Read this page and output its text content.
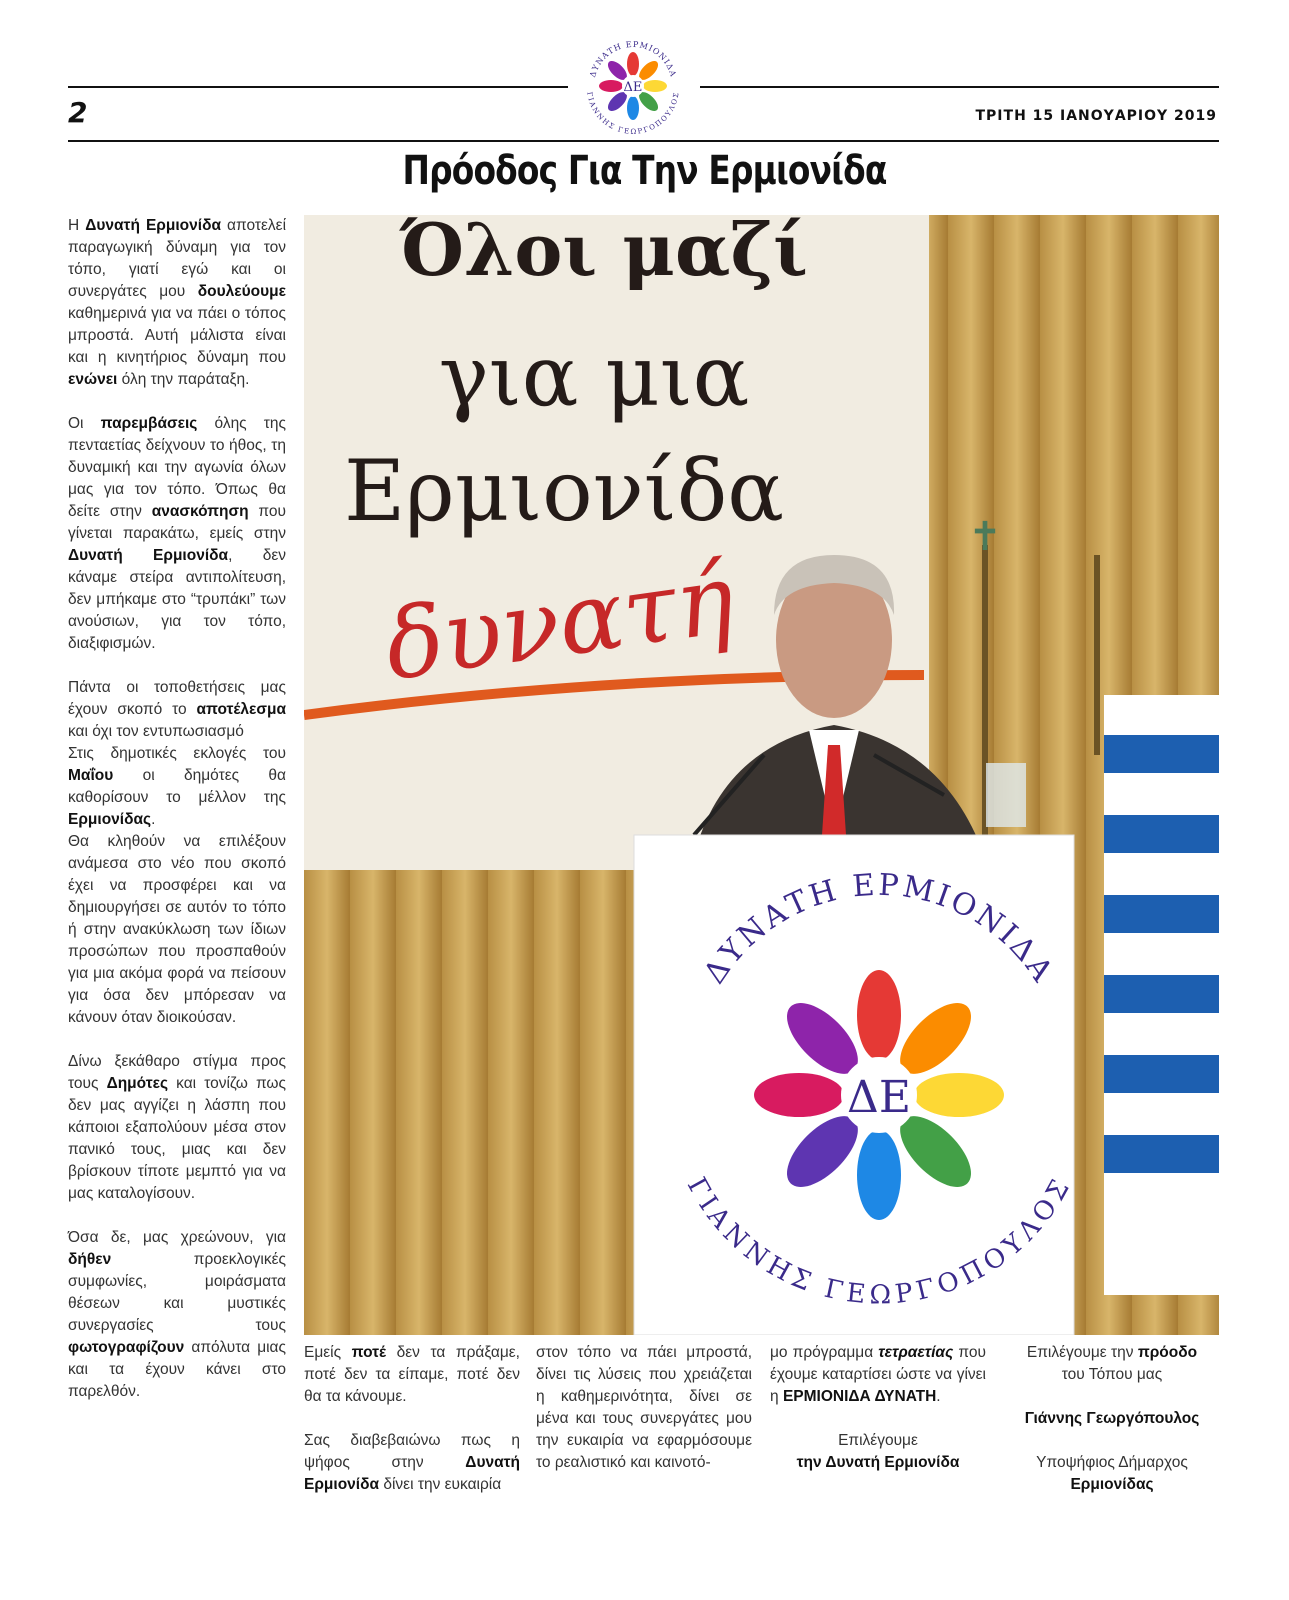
2	ΤΡΙΤΗ 15 ΙΑΝΟΥΑΡΙΟΥ 2019
ΔΕ
ΔΥΝΑΤΗ ΕΡΜΙΟΝΙΔΑ
ΓΙΑΝΝΗΣ ΓΕΩΡΓΟΠΟΥΛΟΣ
Πρόοδος Για Την Ερμιονίδα
Όλοι μαζί
για μια
Ερμιονίδα
δυνατή
✝
ΔΕ
ΔΥΝΑΤΗ ΕΡΜΙΟΝΙΔΑ
ΓΙΑΝΝΗΣ ΓΕΩΡΓΟΠΟΥΛΟΣ

Η Δυνατή Ερμιονίδα αποτελεί παραγωγική δύναμη για τον τόπο, γιατί εγώ και οι συνεργάτες μου δουλεύουμε καθημερινά για να πάει ο τόπος μπροστά. Αυτή μάλιστα είναι και η κινητήριος δύναμη που ενώνει όλη την παράταξη.

Οι παρεμβάσεις όλης της πενταετίας δείχνουν το ήθος, τη δυναμική και την αγωνία όλων μας για τον τόπο. Όπως θα δείτε στην ανασκόπηση που γίνεται παρακάτω, εμείς στην Δυνατή Ερμιονίδα, δεν κάναμε στείρα αντιπολίτευση, δεν μπήκαμε στο “τρυπάκι” των ανούσιων, για τον τόπο, διαξιφισμών.

Πάντα οι τοποθετήσεις μας έχουν σκοπό το αποτέλεσμα και όχι τον εντυπωσιασμό

Στις δημοτικές εκλογές του Μαΐου οι δημότες θα καθορίσουν το μέλλον της Ερμιονίδας.

Θα κληθούν να επιλέξουν ανάμεσα στο νέο που σκοπό έχει να προσφέρει και να δημιουργήσει σε αυτόν το τόπο ή στην ανακύκλωση των ίδιων προσώπων που προσπαθούν για μια ακόμα φορά να πείσουν για όσα δεν μπόρεσαν να κάνουν όταν διοικούσαν.

Δίνω ξεκάθαρο στίγμα προς τους Δημότες και τονίζω πως δεν μας αγγίζει η λάσπη που κάποιοι εξαπολύουν μέσα στον πανικό τους, μιας και δεν βρίσκουν τίποτε μεμπτό για να μας καταλογίσουν.

Όσα δε, μας χρεώνουν, για δήθεν προεκλογικές συμφωνίες, μοιράσματα θέσεων και μυστικές συνεργασίες τους φωτογραφίζουν απόλυτα μιας και τα έχουν κάνει στο παρελθόν.

Εμείς ποτέ δεν τα πράξαμε, ποτέ δεν τα είπαμε, ποτέ δεν θα τα κάνουμε.

Σας διαβεβαιώνω πως η ψήφος στην Δυνατή Ερμιονίδα δίνει την ευκαιρία

στον τόπο να πάει μπροστά, δίνει τις λύσεις που χρειάζεται η καθημερινότητα, δίνει σε μένα και τους συνεργάτες μου την ευκαιρία να εφαρμόσουμε το ρεαλιστικό και καινοτό-

μο πρόγραμμα τετραετίας που έχουμε καταρτίσει ώστε να γίνει η ΕΡΜΙΟΝΙΔΑ ΔΥΝΑΤΗ.

Επιλέγουμε
την Δυνατή Ερμιονίδα
Επιλέγουμε την πρόοδο
του Τόπου μας
Γιάννης Γεωργόπουλος
Υποψήφιος Δήμαρχος
Ερμιονίδας
